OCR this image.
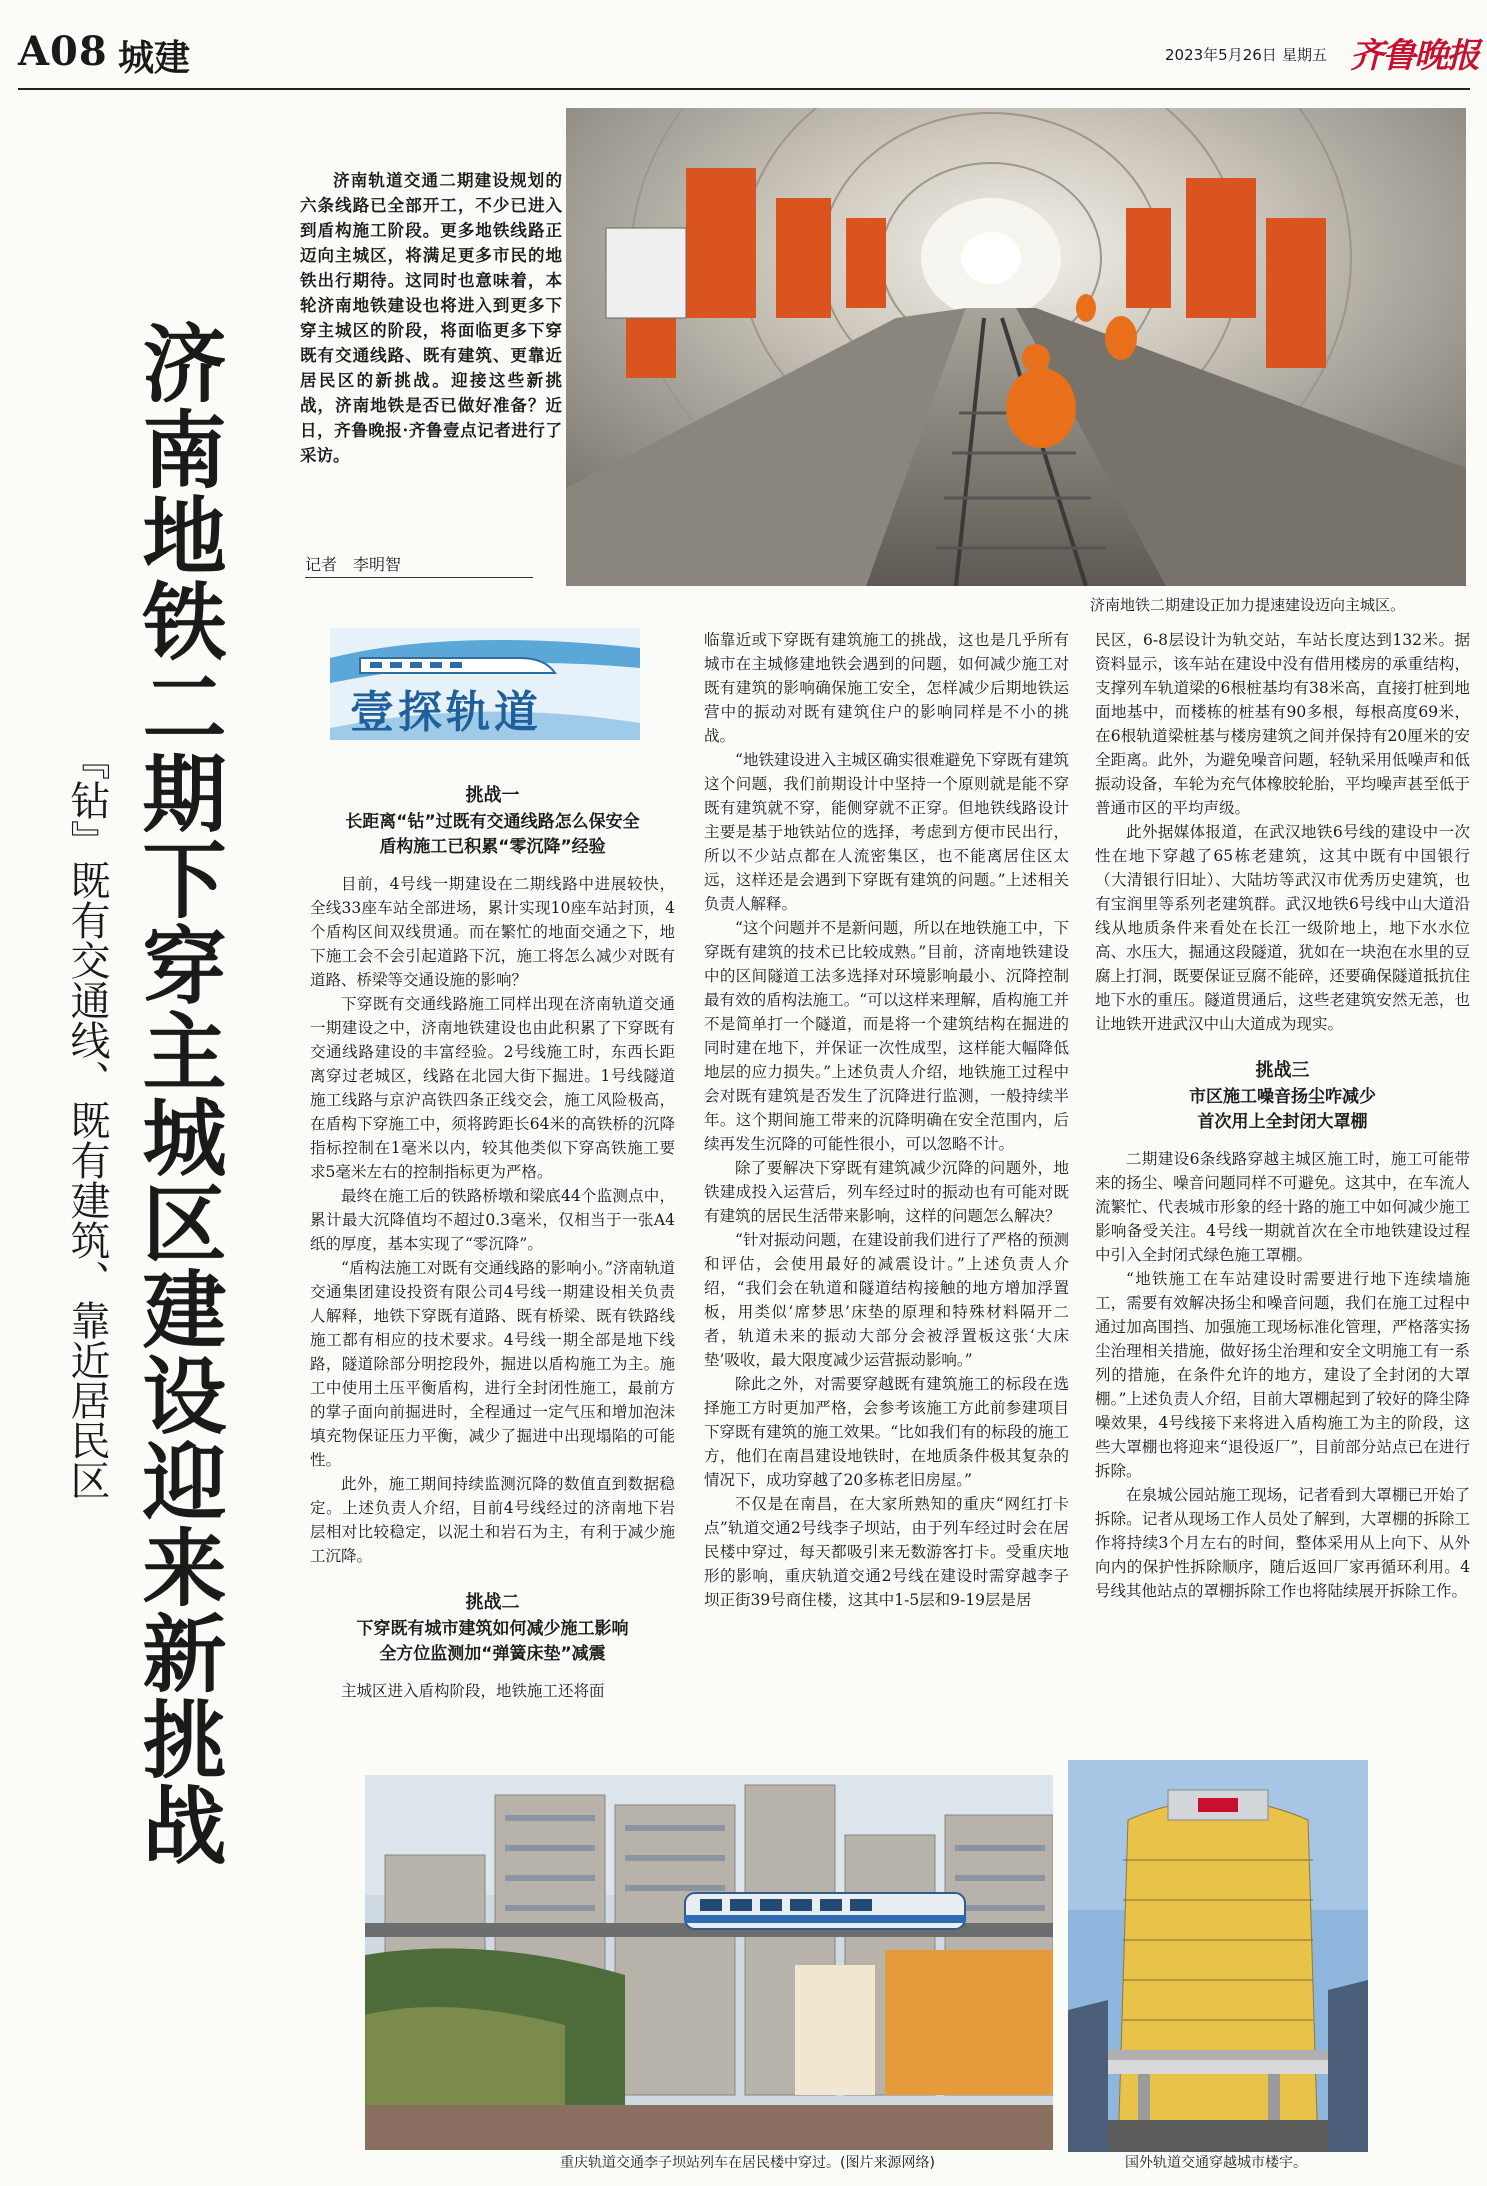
A08 城建	2023年5月26日 星期五 齐鲁晚报
济南地铁二期下穿主城区建设迎来新挑战
『钻』既有交通线、既有建筑、靠近居民区
济南轨道交通二期建设规划的六条线路已全部开工，不少已进入到盾构施工阶段。更多地铁线路正迈向主城区，将满足更多市民的地铁出行期待。这同时也意味着，本轮济南地铁建设也将进入到更多下穿主城区的阶段，将面临更多下穿既有交通线路、既有建筑、更靠近居民区的新挑战。迎接这些新挑战，济南地铁是否已做好准备？近日，齐鲁晚报·齐鲁壹点记者进行了采访。
记者　李明智
济南地铁二期建设正加力提速建设迈向主城区。
壹探轨道
挑战一
长距离“钻”过既有交通线路怎么保安全
盾构施工已积累“零沉降”经验

目前，4号线一期建设在二期线路中进展较快，全线33座车站全部进场，累计实现10座车站封顶，4个盾构区间双线贯通。而在繁忙的地面交通之下，地下施工会不会引起道路下沉，施工将怎么减少对既有道路、桥梁等交通设施的影响？

下穿既有交通线路施工同样出现在济南轨道交通一期建设之中，济南地铁建设也由此积累了下穿既有交通线路建设的丰富经验。2号线施工时，东西长距离穿过老城区，线路在北园大街下掘进。1号线隧道施工线路与京沪高铁四条正线交会，施工风险极高，在盾构下穿施工中，须将跨距长64米的高铁桥的沉降指标控制在1毫米以内，较其他类似下穿高铁施工要求5毫米左右的控制指标更为严格。

最终在施工后的铁路桥墩和梁底44个监测点中，累计最大沉降值均不超过0.3毫米，仅相当于一张A4纸的厚度，基本实现了“零沉降”。

“盾构法施工对既有交通线路的影响小。”济南轨道交通集团建设投资有限公司4号线一期建设相关负责人解释，地铁下穿既有道路、既有桥梁、既有铁路线施工都有相应的技术要求。4号线一期全部是地下线路，隧道除部分明挖段外，掘进以盾构施工为主。施工中使用土压平衡盾构，进行全封闭性施工，最前方的掌子面向前掘进时，全程通过一定气压和增加泡沫填充物保证压力平衡，减少了掘进中出现塌陷的可能性。

此外，施工期间持续监测沉降的数值直到数据稳定。上述负责人介绍，目前4号线经过的济南地下岩层相对比较稳定，以泥土和岩石为主，有利于减少施工沉降。

挑战二
下穿既有城市建筑如何减少施工影响
全方位监测加“弹簧床垫”减震

主城区进入盾构阶段，地铁施工还将面

临靠近或下穿既有建筑施工的挑战，这也是几乎所有城市在主城修建地铁会遇到的问题，如何减少施工对既有建筑的影响确保施工安全，怎样减少后期地铁运营中的振动对既有建筑住户的影响同样是不小的挑战。

“地铁建设进入主城区确实很难避免下穿既有建筑这个问题，我们前期设计中坚持一个原则就是能不穿既有建筑就不穿，能侧穿就不正穿。但地铁线路设计主要是基于地铁站位的选择，考虑到方便市民出行，所以不少站点都在人流密集区，也不能离居住区太远，这样还是会遇到下穿既有建筑的问题。”上述相关负责人解释。

“这个问题并不是新问题，所以在地铁施工中，下穿既有建筑的技术已比较成熟。”目前，济南地铁建设中的区间隧道工法多选择对环境影响最小、沉降控制最有效的盾构法施工。“可以这样来理解，盾构施工并不是简单打一个隧道，而是将一个建筑结构在掘进的同时建在地下，并保证一次性成型，这样能大幅降低地层的应力损失。”上述负责人介绍，地铁施工过程中会对既有建筑是否发生了沉降进行监测，一般持续半年。这个期间施工带来的沉降明确在安全范围内，后续再发生沉降的可能性很小，可以忽略不计。

除了要解决下穿既有建筑减少沉降的问题外，地铁建成投入运营后，列车经过时的振动也有可能对既有建筑的居民生活带来影响，这样的问题怎么解决？

“针对振动问题，在建设前我们进行了严格的预测和评估，会使用最好的减震设计。”上述负责人介绍，“我们会在轨道和隧道结构接触的地方增加浮置板，用类似‘席梦思’床垫的原理和特殊材料隔开二者，轨道未来的振动大部分会被浮置板这张‘大床垫’吸收，最大限度减少运营振动影响。”

除此之外，对需要穿越既有建筑施工的标段在选择施工方时更加严格，会参考该施工方此前参建项目下穿既有建筑的施工效果。“比如我们有的标段的施工方，他们在南昌建设地铁时，在地质条件极其复杂的情况下，成功穿越了20多栋老旧房屋。”

不仅是在南昌，在大家所熟知的重庆“网红打卡点”轨道交通2号线李子坝站，由于列车经过时会在居民楼中穿过，每天都吸引来无数游客打卡。受重庆地形的影响，重庆轨道交通2号线在建设时需穿越李子坝正街39号商住楼，这其中1-5层和9-19层是居

民区，6-8层设计为轨交站，车站长度达到132米。据资料显示，该车站在建设中没有借用楼房的承重结构，支撑列车轨道梁的6根桩基均有38米高，直接打桩到地面地基中，而楼栋的桩基有90多根，每根高度69米，在6根轨道梁桩基与楼房建筑之间并保持有20厘米的安全距离。此外，为避免噪音问题，轻轨采用低噪声和低振动设备，车轮为充气体橡胶轮胎，平均噪声甚至低于普通市区的平均声级。

此外据媒体报道，在武汉地铁6号线的建设中一次性在地下穿越了65栋老建筑，这其中既有中国银行（大清银行旧址）、大陆坊等武汉市优秀历史建筑，也有宝润里等系列老建筑群。武汉地铁6号线中山大道沿线从地质条件来看处在长江一级阶地上，地下水水位高、水压大，掘通这段隧道，犹如在一块泡在水里的豆腐上打洞，既要保证豆腐不能碎，还要确保隧道抵抗住地下水的重压。隧道贯通后，这些老建筑安然无恙，也让地铁开进武汉中山大道成为现实。

挑战三
市区施工噪音扬尘咋减少
首次用上全封闭大罩棚

二期建设6条线路穿越主城区施工时，施工可能带来的扬尘、噪音问题同样不可避免。这其中，在车流人流繁忙、代表城市形象的经十路的施工中如何减少施工影响备受关注。4号线一期就首次在全市地铁建设过程中引入全封闭式绿色施工罩棚。

“地铁施工在车站建设时需要进行地下连续墙施工，需要有效解决扬尘和噪音问题，我们在施工过程中通过加高围挡、加强施工现场标准化管理，严格落实扬尘治理相关措施，做好扬尘治理和安全文明施工有一系列的措施，在条件允许的地方，建设了全封闭的大罩棚。”上述负责人介绍，目前大罩棚起到了较好的降尘降噪效果，4号线接下来将进入盾构施工为主的阶段，这些大罩棚也将迎来“退役返厂”，目前部分站点已在进行拆除。

在泉城公园站施工现场，记者看到大罩棚已开始了拆除。记者从现场工作人员处了解到，大罩棚的拆除工作将持续3个月左右的时间，整体采用从上向下、从外向内的保护性拆除顺序，随后返回厂家再循环利用。4号线其他站点的罩棚拆除工作也将陆续展开拆除工作。

重庆轨道交通李子坝站列车在居民楼中穿过。(图片来源网络)	国外轨道交通穿越城市楼宇。
